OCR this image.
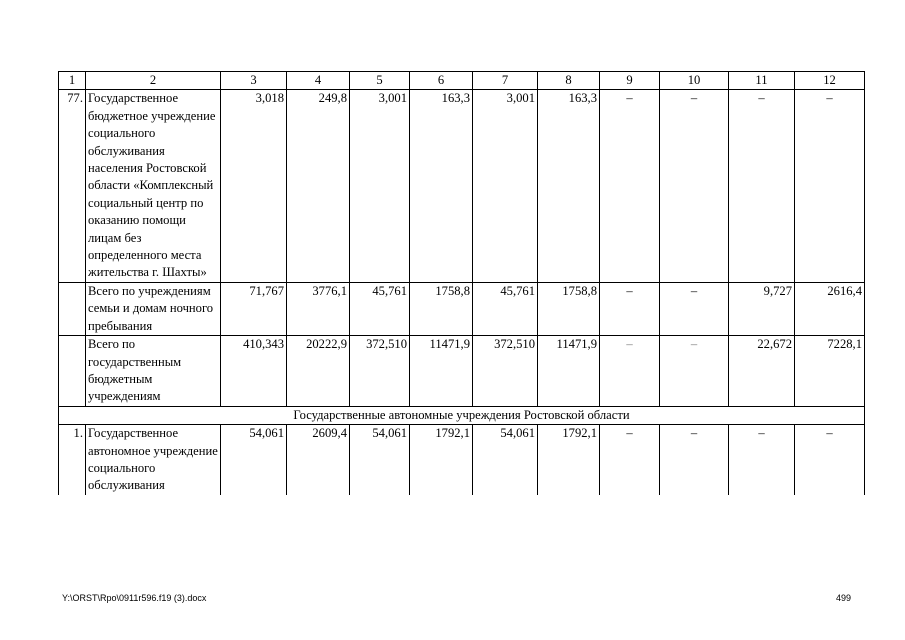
1	2	3	4	5	6	7	8	9	10	11	12
77.	Государственное бюджетное учреждение социального обслуживания населения Ростовской области «Комплексный социальный центр по оказанию помощи лицам без определенного места жительства г. Шахты»	3,018	249,8	3,001	163,3	3,001	163,3	–	–	–	–
	Всего по учреждениям семьи и домам ночного пребывания	71,767	3776,1	45,761	1758,8	45,761	1758,8	–	–	9,727	2616,4
	Всего по государственным бюджетным учреждениям	410,343	20222,9	372,510	11471,9	372,510	11471,9	–	–	22,672	7228,1
Государственные автономные учреждения Ростовской области											
1.	Государственное автономное учреждение социального обслуживания	54,061	2609,4	54,061	1792,1	54,061	1792,1	–	–	–	–
Y:\ORST\Rpo\0911r596.f19 (3).docx	499
